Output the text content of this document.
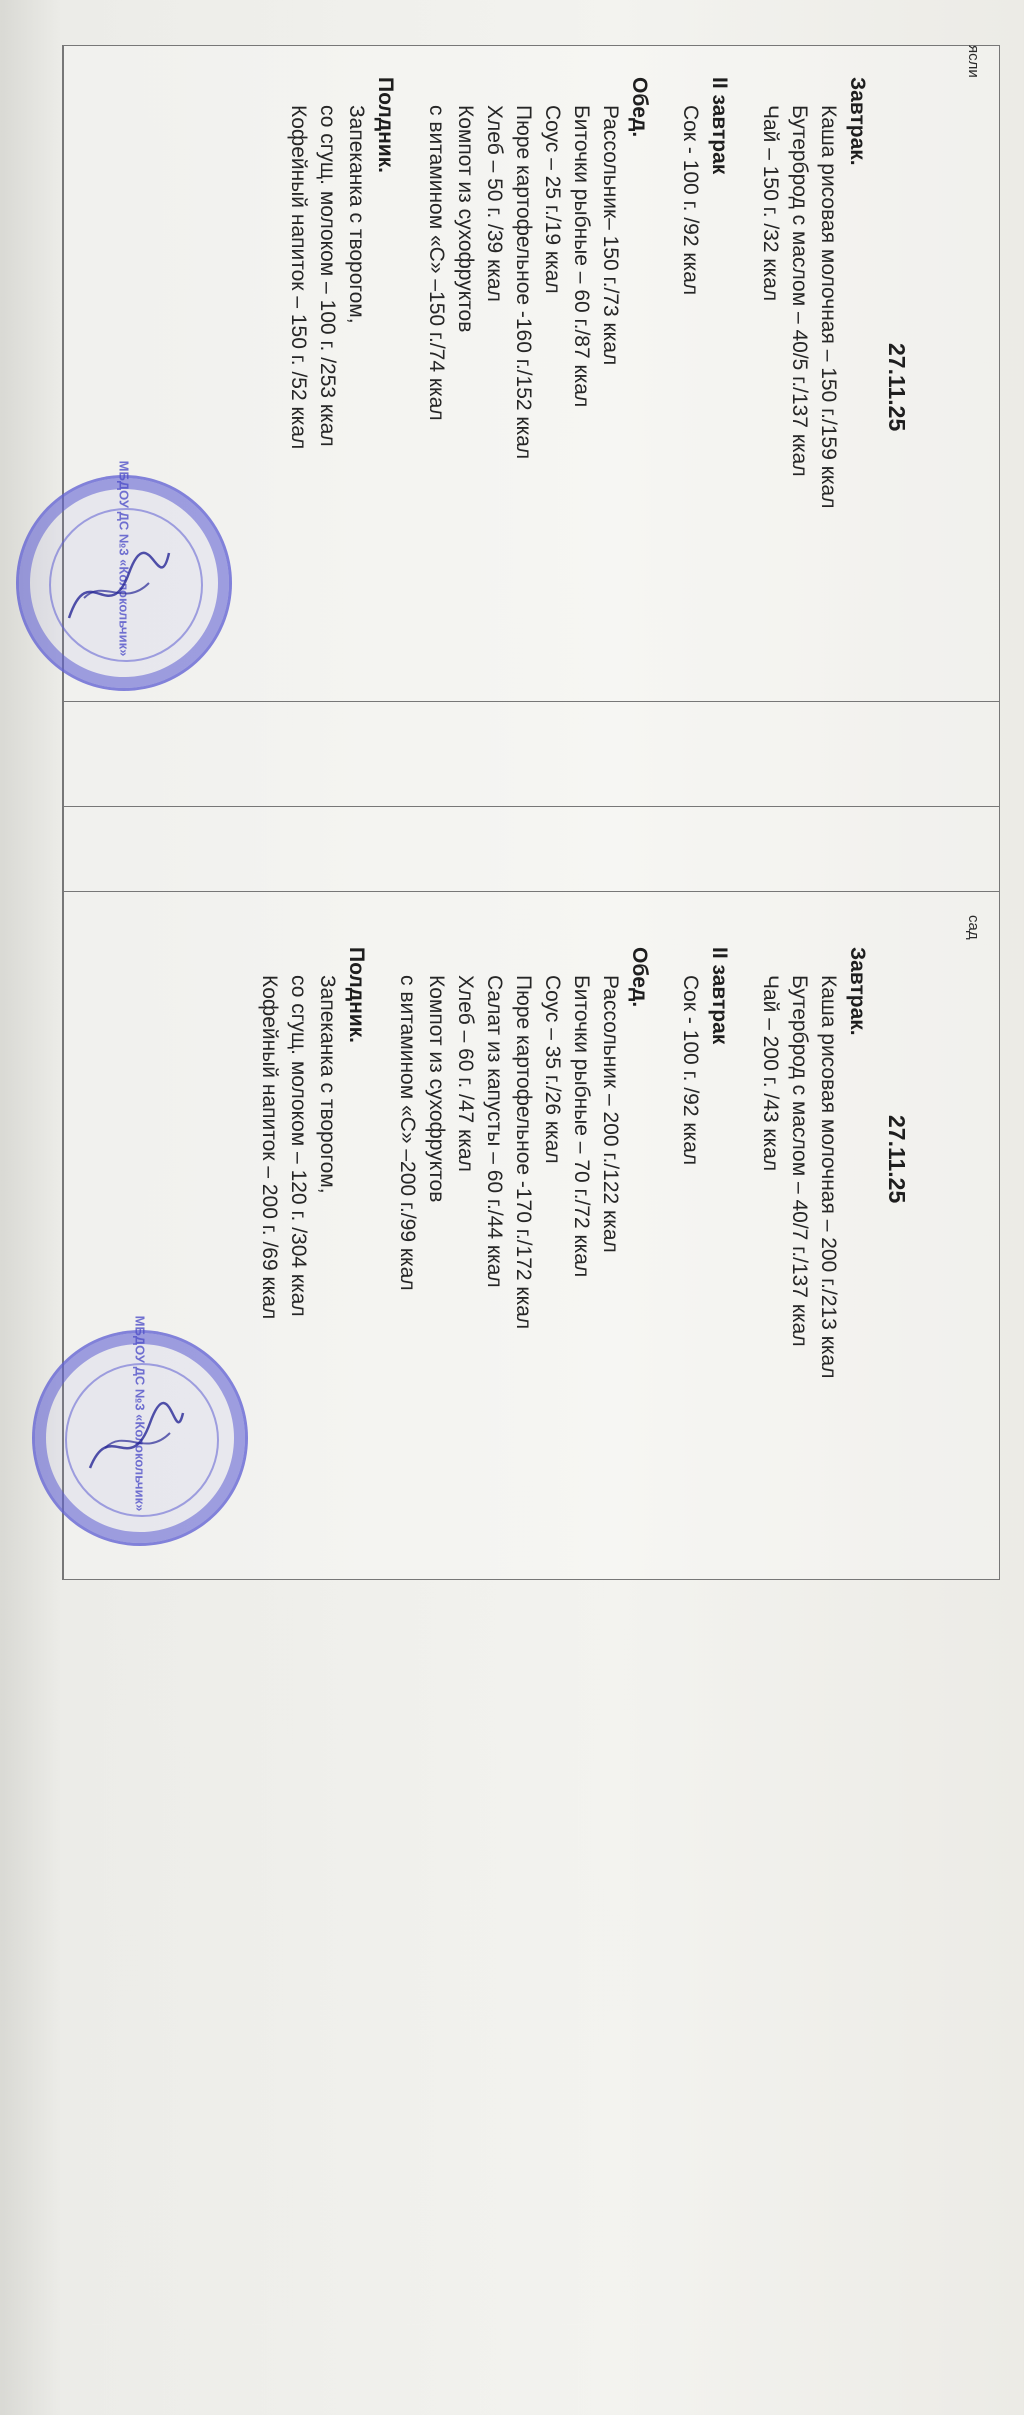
ясли
27.11.25
Завтрак.
Каша рисовая молочная – 150 г./159 ккал
Бутерброд с маслом – 40/5 г./137 ккал
Чай – 150 г. /32 ккал
II завтрак
Сок - 100 г. /92 ккал
Обед.
Рассольник– 150 г./73 ккал
Биточки рыбные – 60 г./87 ккал
Соус – 25 г./19 ккал
Пюре картофельное -160 г./152 ккал
Хлеб – 50 г. /39 ккал
Компот из сухофруктов
с витамином «С» –150 г./74 ккал
Полдник.
Запеканка с творогом,
со сгущ. молоком – 100 г. /253 ккал
Кофейный напиток – 150 г. /52 ккал
сад
27.11.25
Завтрак.
Каша рисовая молочная – 200 г./213 ккал
Бутерброд с маслом – 40/7 г./137 ккал
Чай – 200 г. /43 ккал
II завтрак
Сок - 100 г. /92 ккал
Обед.
Рассольник – 200 г./122 ккал
Биточки рыбные – 70 г./72 ккал
Соус – 35 г./26 ккал
Пюре картофельное -170 г./172 ккал
Салат из капусты – 60 г./44 ккал
Хлеб – 60 г. /47 ккал
Компот из сухофруктов
с витамином «С» –200 г./99 ккал
Полдник.
Запеканка с творогом,
со сгущ. молоком – 120 г. /304 ккал
Кофейный напиток – 200 г. /69 ккал
МБДОУ ДС №3 «Колокольчик»
МБДОУ ДС №3 «Колокольчик»
